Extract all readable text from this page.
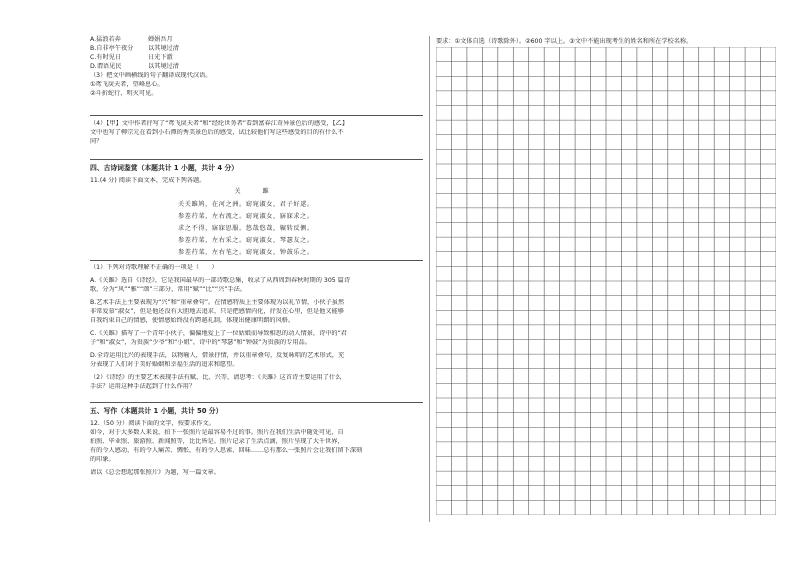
A.猛浪若奔	婵娟吾月
B.自非亭午夜分	以其境过清
C.有时见日	日光下澈
D.谓语见民	以其境过清
（3）把文中画横线的句子翻译成现代汉语。
①鸢飞戾天者，望峰息心。
②斗折蛇行，明灭可见。
（4）【甲】文中作者抒写了“鸢飞戾天者”和“经纶世务者”看到富春江奇异景色后的感受，【乙】
文中也写了柳宗元在看到小石潭的秀美景色后的感受，试比较他们写这些感受的目的有什么不
同？
四、古诗词鉴赏（本题共计 1 小题，共计 4 分）
11.(4 分) 阅读下面文本，完成下列各题。
关 雎
关关雎鸠，在河之洲。窈窕淑女，君子好逑。
参差荇菜，左右流之。窈窕淑女，寤寐求之。
求之不得，寤寐思服。悠哉悠哉，辗转反侧。
参差荇菜，左右采之。窈窕淑女，琴瑟友之。
参差荇菜，左右芼之。窈窕淑女，钟鼓乐之。
（1）下列对诗歌理解不正确的一项是（　　）
A.《关雎》选自《诗经》，它是我国最早的一部诗歌总集，收录了从西周到春秋时期的 305 篇诗
歌，分为“风”“雅”“颂”三部分，常用“赋”“比”“兴”手法。
B.艺术手法上主要表现为“兴”和“重章叠句”。在情感特质上主要体现为以礼节情，小伙子虽然
非常爱慕“淑女”，但是他还没有大胆地去追求，只是把感情内化，抒发在心里，但是他又能够
自我约束自己的情感，使情感始终没有跨越礼制，体现出健康明朗的风格。
C.《关雎》描写了一个青年小伙子，偏偏地爱上了一位姑娘而导致相思的动人情景，诗中的“君
子”和“淑女”，为贵族“少爷”和“小姐”，诗中的“琴瑟”和“钟鼓”为贵族的专用品。
D.全诗运用比兴的表现手法，以物喻人，借景抒情，并以重章叠句，反复咏唱的艺术形式，充
分表现了人们对于美好婚姻和幸福生活的追求和愿望。
（2）《诗经》的主要艺术表现手法有赋、比、兴等，请思考：《关雎》这首诗主要运用了什么
手法？运用这种手法起到了什么作用？
五、写作（本题共计 1 小题，共计 50 分）
12.（50 分）阅读下面的文字，按要求作文。
如今，对于大多数人来说，拍下一张照片是最容易不过的事。照片在我们生活中随处可见，自
拍照、毕业照、旅游照、新闻照等，比比皆是。照片记录了生活点滴，照片呈现了大千世界，
有的令人感动，有的令人痛苦、惆怅，有的令人思索、回味……总有那么一张照片会让我们留下深刻
的印象。
请以《总会想起那张照片》为题，写一篇文章。
要求：①文体自选（诗歌除外）。②600 字以上。③文中不能出现考生的姓名和所在学校名称。
